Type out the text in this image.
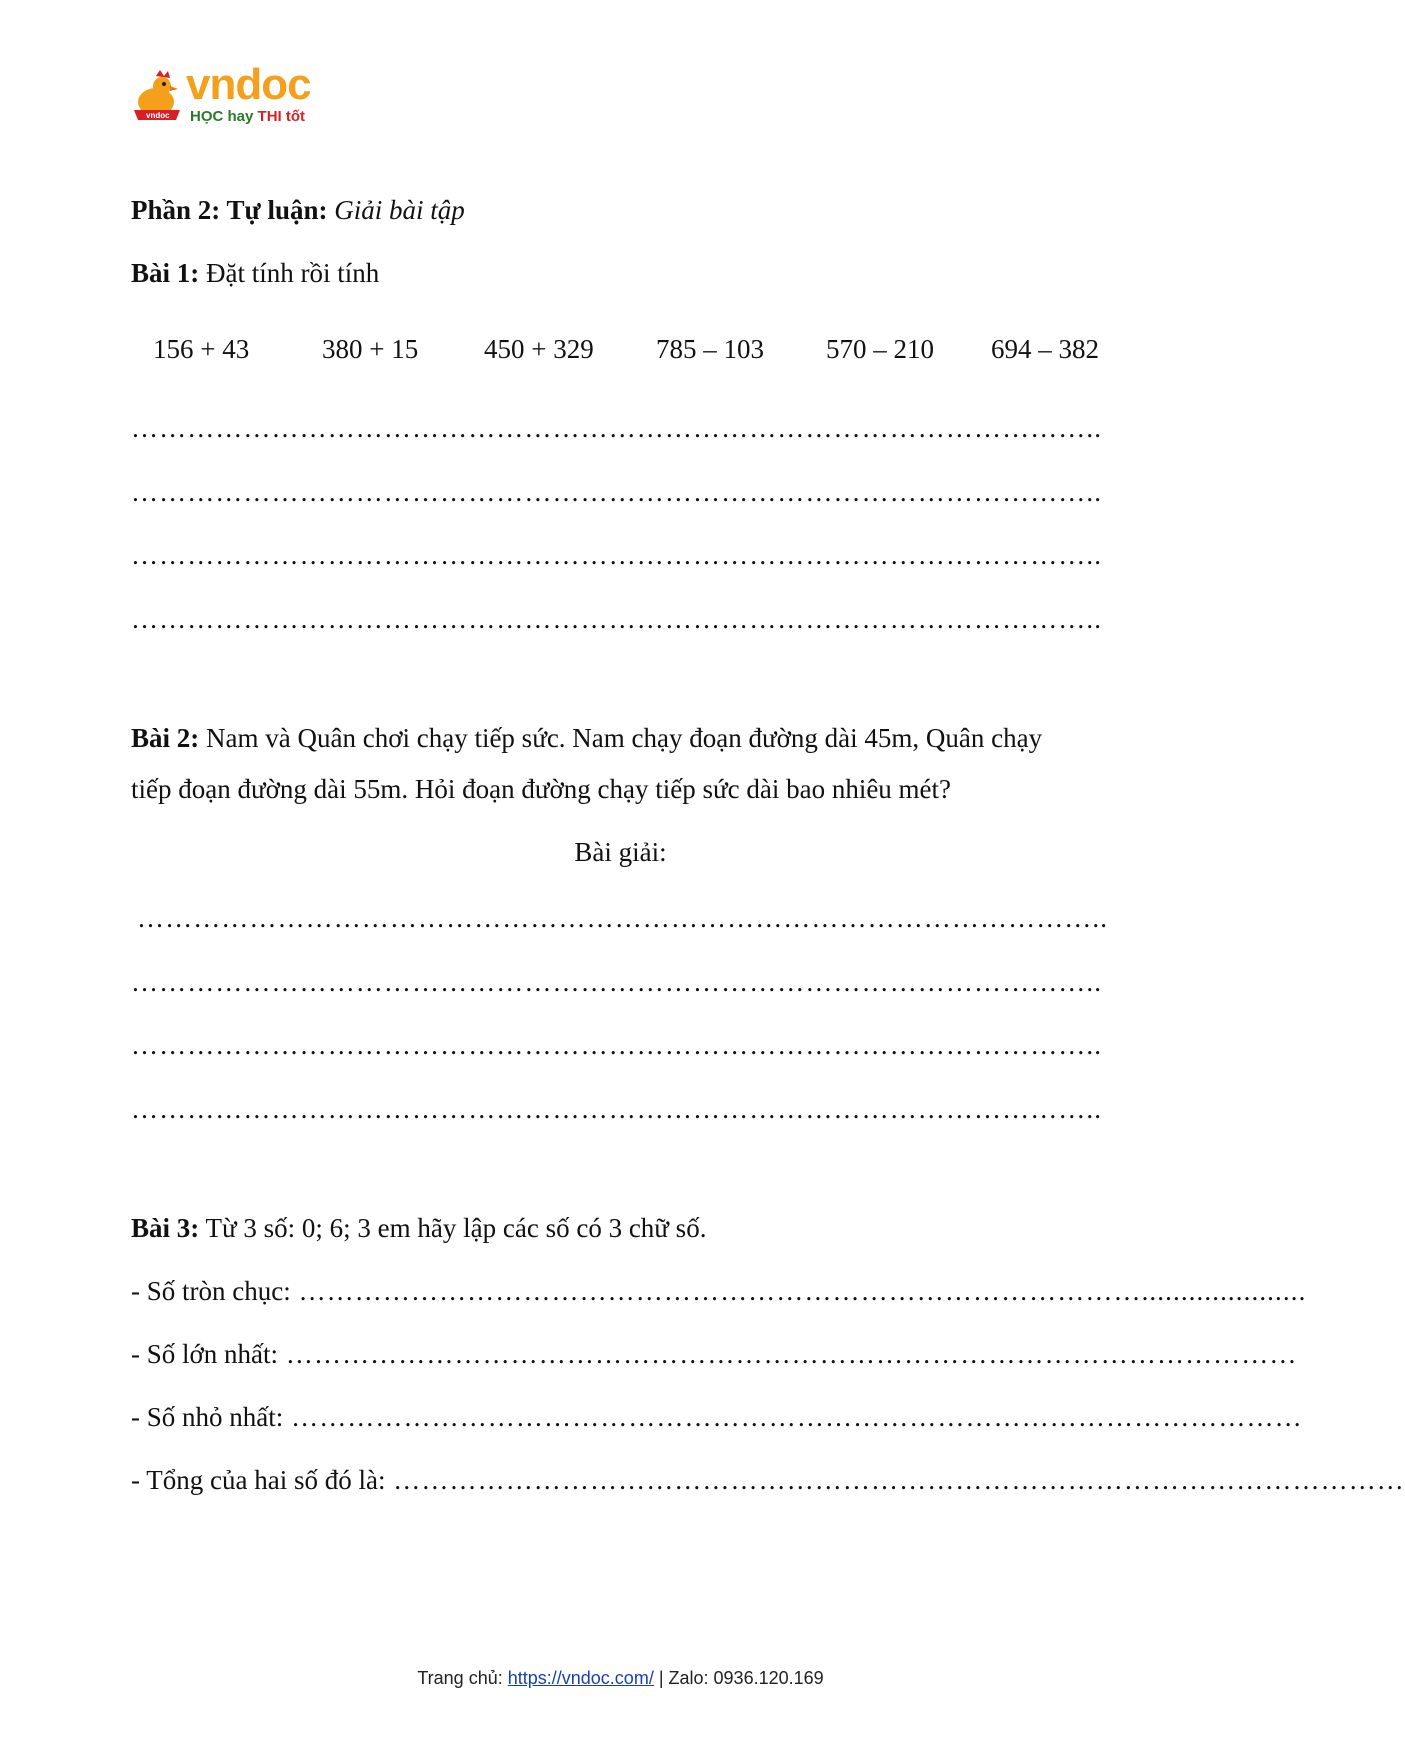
vndoc
vndoc
HỌC hay THI tốt
Phần 2: Tự luận: Giải bài tập
Bài 1: Đặt tính rồi tính
156 + 43	380 + 15 450 + 329 785 – 103 570 – 210 694 – 382
…………………………………………………………………………………………..
…………………………………………………………………………………………..
…………………………………………………………………………………………..
…………………………………………………………………………………………..
Bài 2: Nam và Quân chơi chạy tiếp sức. Nam chạy đoạn đường dài 45m, Quân chạy
tiếp đoạn đường dài 55m. Hỏi đoạn đường chạy tiếp sức dài bao nhiêu mét?
Bài giải:
…………………………………………………………………………………………..
…………………………………………………………………………………………..
…………………………………………………………………………………………..
…………………………………………………………………………………………..
Bài 3: Từ 3 số: 0; 6; 3 em hãy lập các số có 3 chữ số.
- Số tròn chục: ……………………………………………………………………………….....................
- Số lớn nhất: ………………………………………………………………………………………………
- Số nhỏ nhất: ………………………………………………………………………………………………
- Tổng của hai số đó là: ………………………………………………………………………………………………
Trang chủ: https://vndoc.com/ | Zalo: 0936.120.169
